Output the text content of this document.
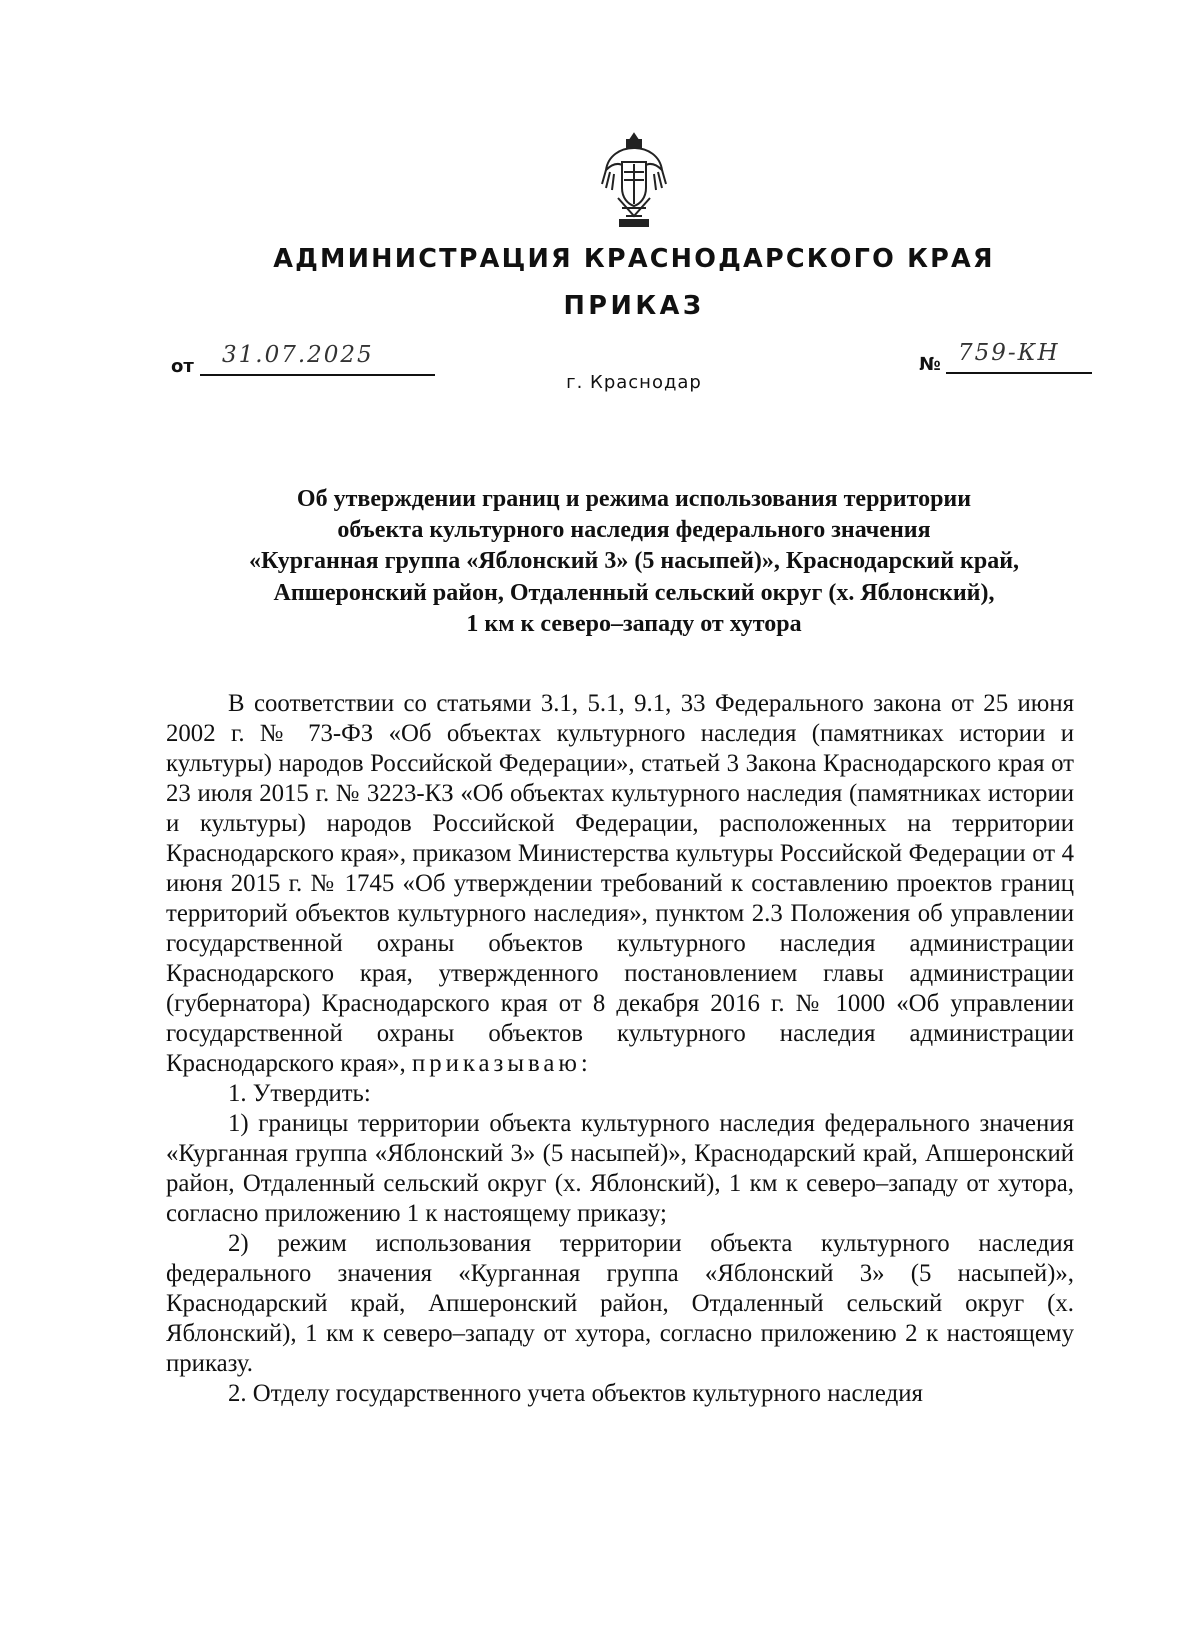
АДМИНИСТРАЦИЯ КРАСНОДАРСКОГО КРАЯ
ПРИКАЗ
от 31.07.2025	№ 759-КН
г. Краснодар
Об утверждении границ и режима использования территории
объекта культурного наследия федерального значения
«Курганная группа «Яблонский 3» (5 насыпей)», Краснодарский край,
Апшеронский район, Отдаленный сельский округ (х. Яблонский),
1 км к северо–западу от хутора

В соответствии со статьями 3.1, 5.1, 9.1, 33 Федерального закона от 25 июня 2002 г. № 73-ФЗ «Об объектах культурного наследия (памятниках истории и культуры) народов Российской Федерации», статьей 3 Закона Краснодарского края от 23 июля 2015 г. № 3223-КЗ «Об объектах культурного наследия (памятниках истории и культуры) народов Российской Федерации, расположенных на территории Краснодарского края», приказом Министерства культуры Российской Федерации от 4 июня 2015 г. № 1745 «Об утверждении требований к составлению проектов границ территорий объектов культурного наследия», пунктом 2.3 Положения об управлении государственной охраны объектов культурного наследия администрации Краснодарского края, утвержденного постановлением главы администрации (губернатора) Краснодарского края от 8 декабря 2016 г. № 1000 «Об управлении государственной охраны объектов культурного наследия администрации Краснодарского края», приказываю:

1. Утвердить:

1) границы территории объекта культурного наследия федерального значения «Курганная группа «Яблонский 3» (5 насыпей)», Краснодарский край, Апшеронский район, Отдаленный сельский округ (х. Яблонский), 1 км к северо–западу от хутора, согласно приложению 1 к настоящему приказу;

2) режим использования территории объекта культурного наследия федерального значения «Курганная группа «Яблонский 3» (5 насыпей)», Краснодарский край, Апшеронский район, Отдаленный сельский округ (х. Яблонский), 1 км к северо–западу от хутора, согласно приложению 2 к настоящему приказу.

2. Отделу государственного учета объектов культурного наследия
